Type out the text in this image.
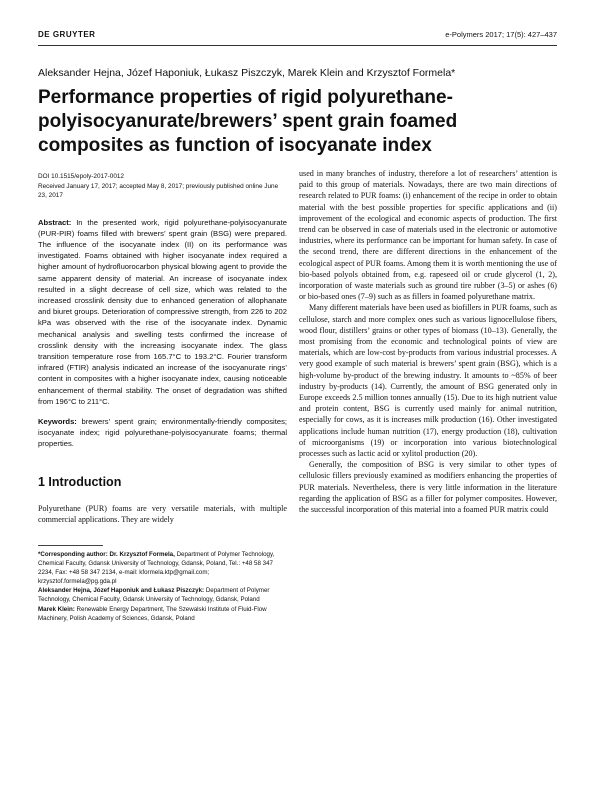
DE GRUYTER	e-Polymers 2017; 17(5): 427–437
Aleksander Hejna, Józef Haponiuk, Łukasz Piszczyk, Marek Klein and Krzysztof Formela*
Performance properties of rigid polyurethane-polyisocyanurate/brewers’ spent grain foamed composites as function of isocyanate index

DOI 10.1515/epoly-2017-0012
Received January 17, 2017; accepted May 8, 2017; previously published online June 23, 2017

Abstract: In the presented work, rigid polyurethane-polyisocyanurate (PUR-PIR) foams filled with brewers’ spent grain (BSG) were prepared. The influence of the isocyanate index (II) on its performance was investigated. Foams obtained with higher isocyanate index required a higher amount of hydrofluorocarbon physical blowing agent to provide the same apparent density of material. An increase of isocyanate index resulted in a slight decrease of cell size, which was related to the increased crosslink density due to enhanced generation of allophanate and biuret groups. Deterioration of compressive strength, from 226 to 202 kPa was observed with the rise of the isocyanate index. Dynamic mechanical analysis and swelling tests confirmed the increase of crosslink density with the increasing isocyanate index. The glass transition temperature rose from 165.7°C to 193.2°C. Fourier transform infrared (FTIR) analysis indicated an increase of the isocyanurate rings’ content in composites with a higher isocyanate index, causing noticeable enhancement of thermal stability. The onset of degradation was shifted from 196°C to 211°C.

Keywords: brewers’ spent grain; environmentally-friendly composites; isocyanate index; rigid polyurethane-polyisocyanurate foams; thermal properties.

1 Introduction

Polyurethane (PUR) foams are very versatile materials, with multiple commercial applications. They are widely

*Corresponding author: Dr. Krzysztof Formela, Department of Polymer Technology, Chemical Faculty, Gdansk University of Technology, Gdansk, Poland, Tel.: +48 58 347 2234, Fax: +48 58 347 2134, e-mail: kformela.ktp@gmail.com; krzysztof.formela@pg.gda.pl

Aleksander Hejna, Józef Haponiuk and Łukasz Piszczyk: Department of Polymer Technology, Chemical Faculty, Gdansk University of Technology, Gdansk, Poland

Marek Klein: Renewable Energy Department, The Szewalski Institute of Fluid-Flow Machinery, Polish Academy of Sciences, Gdansk, Poland

used in many branches of industry, therefore a lot of researchers’ attention is paid to this group of materials. Nowadays, there are two main directions of research related to PUR foams: (i) enhancement of the recipe in order to obtain material with the best possible properties for specific applications and (ii) improvement of the ecological and economic aspects of production. The first trend can be observed in case of materials used in the electronic or automotive industries, where its performance can be important for human safety. In case of the second trend, there are different directions in the enhancement of the ecological aspect of PUR foams. Among them it is worth mentioning the use of bio-based polyols obtained from, e.g. rapeseed oil or crude glycerol (1, 2), incorporation of waste materials such as ground tire rubber (3–5) or ashes (6) or bio-based ones (7–9) such as as fillers in foamed polyurethane matrix.

Many different materials have been used as biofillers in PUR foams, such as cellulose, starch and more complex ones such as various lignocellulose fibers, wood flour, distillers’ grains or other types of biomass (10–13). Generally, the most promising from the economic and technological points of view are materials, which are low-cost by-products from various industrial processes. A very good example of such material is brewers’ spent grain (BSG), which is a high-volume by-product of the brewing industry. It amounts to ~85% of beer industry by-products (14). Currently, the amount of BSG generated only in Europe exceeds 2.5 million tonnes annually (15). Due to its high nutrient value and protein content, BSG is currently used mainly for animal nutrition, especially for cows, as it is increases milk production (16). Other investigated applications include human nutrition (17), energy production (18), cultivation of microorganisms (19) or incorporation into various biotechnological processes such as lactic acid or xylitol production (20).

Generally, the composition of BSG is very similar to other types of cellulosic fillers previously examined as modifiers enhancing the properties of PUR materials. Nevertheless, there is very little information in the literature regarding the application of BSG as a filler for polymer composites. However, the successful incorporation of this material into a foamed PUR matrix could
